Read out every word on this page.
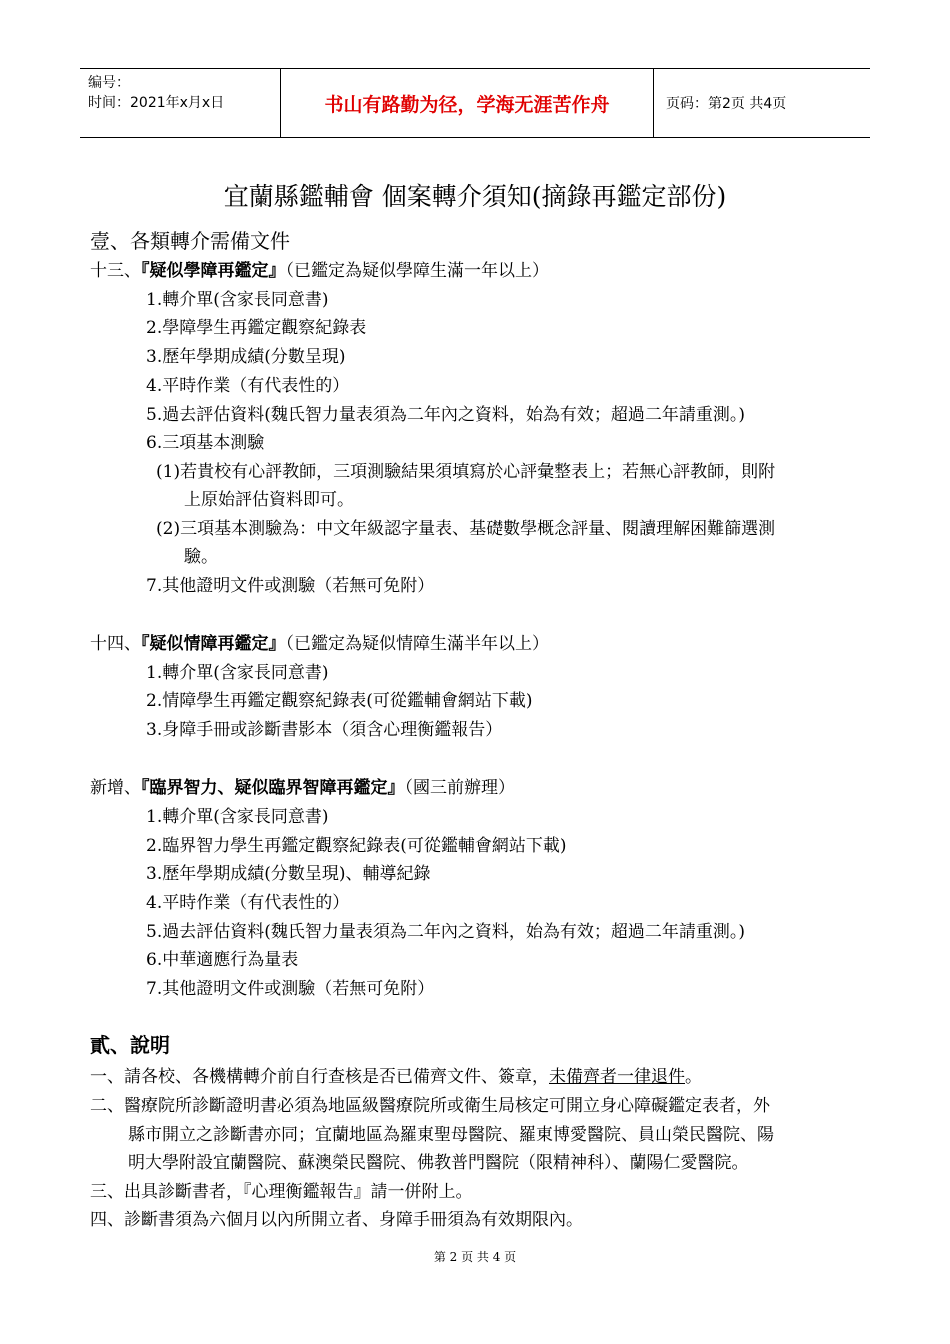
编号：
时间：2021年x月x日	书山有路勤为径，学海无涯苦作舟	页码：第2页 共4页
宜蘭縣鑑輔會 個案轉介須知(摘錄再鑑定部份)
壹、各類轉介需備文件
十三、『疑似學障再鑑定』（已鑑定為疑似學障生滿一年以上）
1.轉介單(含家長同意書)
2.學障學生再鑑定觀察紀錄表
3.歷年學期成績(分數呈現)
4.平時作業（有代表性的）
5.過去評估資料(魏氏智力量表須為二年內之資料，始為有效；超過二年請重測。)
6.三項基本測驗
(1)若貴校有心評教師，三項測驗結果須填寫於心評彙整表上；若無心評教師，則附
上原始評估資料即可。
(2)三項基本測驗為：中文年級認字量表、基礎數學概念評量、閱讀理解困難篩選測
驗。
7.其他證明文件或測驗（若無可免附）
十四、『疑似情障再鑑定』（已鑑定為疑似情障生滿半年以上）
1.轉介單(含家長同意書)
2.情障學生再鑑定觀察紀錄表(可從鑑輔會網站下載)
3.身障手冊或診斷書影本（須含心理衡鑑報告）
新增、『臨界智力、疑似臨界智障再鑑定』（國三前辦理）
1.轉介單(含家長同意書)
2.臨界智力學生再鑑定觀察紀錄表(可從鑑輔會網站下載)
3.歷年學期成績(分數呈現)、輔導紀錄
4.平時作業（有代表性的）
5.過去評估資料(魏氏智力量表須為二年內之資料，始為有效；超過二年請重測。)
6.中華適應行為量表
7.其他證明文件或測驗（若無可免附）
貳、說明
一、請各校、各機構轉介前自行查核是否已備齊文件、簽章，未備齊者一律退件。
二、醫療院所診斷證明書必須為地區級醫療院所或衛生局核定可開立身心障礙鑑定表者，外
縣市開立之診斷書亦同；宜蘭地區為羅東聖母醫院、羅東博愛醫院、員山榮民醫院、陽
明大學附設宜蘭醫院、蘇澳榮民醫院、佛教普門醫院（限精神科）、蘭陽仁愛醫院。
三、出具診斷書者，『心理衡鑑報告』請一併附上。
四、診斷書須為六個月以內所開立者、身障手冊須為有效期限內。
第 2 页 共 4 页
